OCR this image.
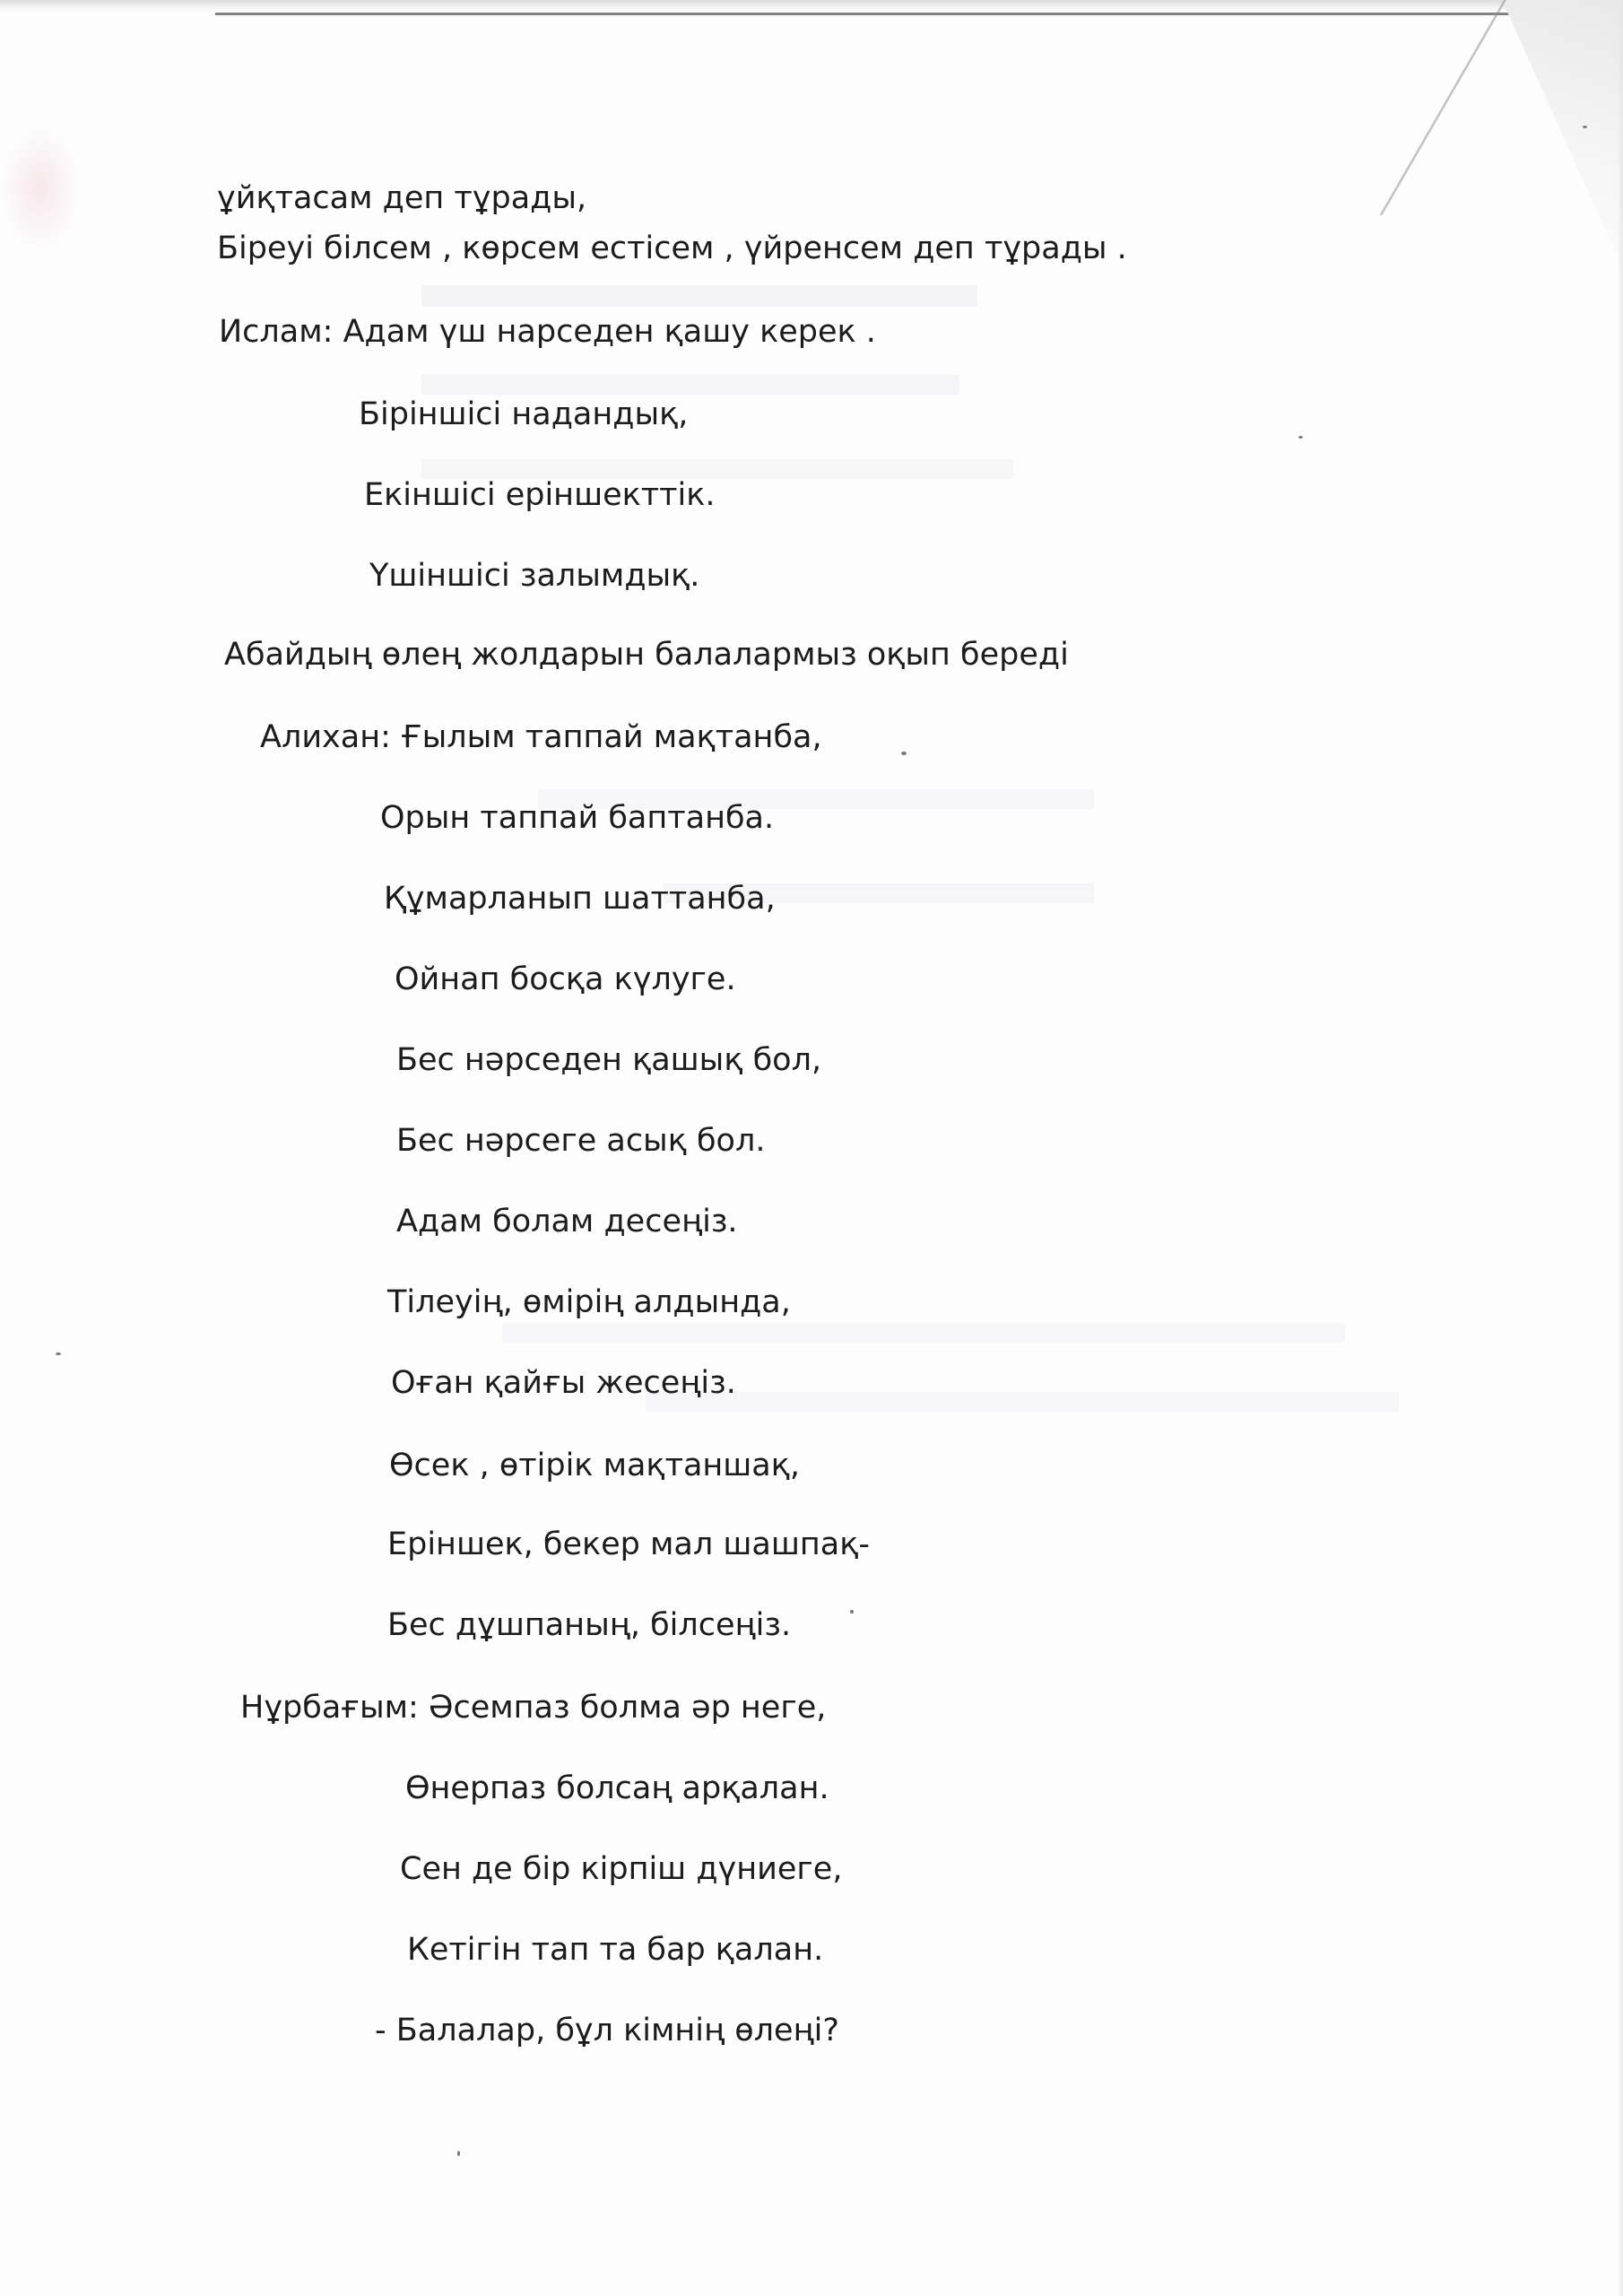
ұйқтасам деп тұрады,
Біреуі білсем , көрсем естісем , үйренсем деп тұрады .
Ислам: Адам үш нарседен қашу керек .
Біріншісі надандық,
Екіншісі еріншекттік.
Үшіншісі залымдық.
Абайдың өлең жолдарын балалармыз оқып береді
Алихан: Ғылым таппай мақтанба,
Орын таппай баптанба.
Құмарланып шаттанба,
Ойнап босқа күлуге.
Бес нәрседен қашық бол,
Бес нәрсеге асық бол.
Адам болам десеңіз.
Тілеуің, өмірің алдында,
Оған қайғы жесеңіз.
Өсек , өтірік мақтаншақ,
Еріншек, бекер мал шашпақ-
Бес дұшпаның, білсеңіз.
Нұрбағым: Әсемпаз болма әр неге,
Өнерпаз болсаң арқалан.
Сен де бір кірпіш дүниеге,
Кетігін тап та бар қалан.
- Балалар, бұл кімнің өлеңі?
